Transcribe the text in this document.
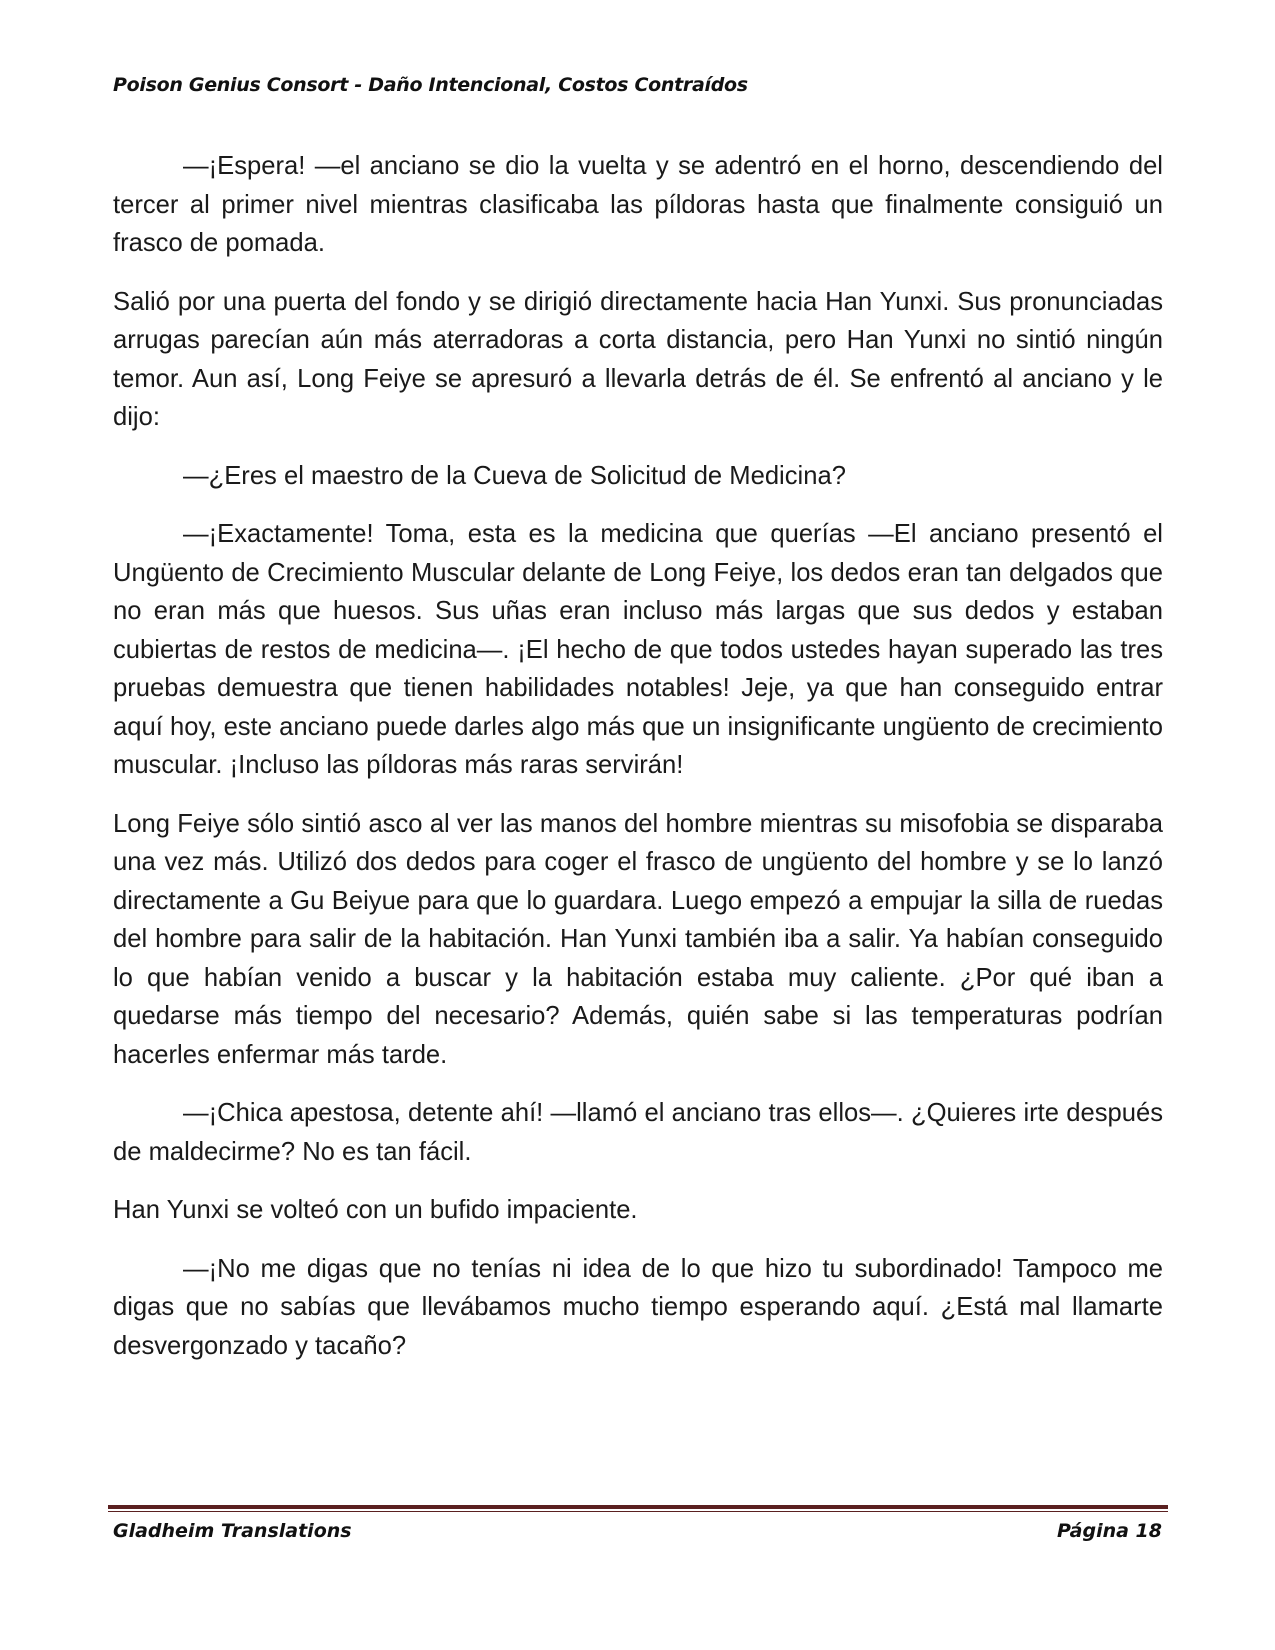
Poison Genius Consort - Daño Intencional, Costos Contraídos

—¡Espera! —el anciano se dio la vuelta y se adentró en el horno, descendiendo del tercer al primer nivel mientras clasificaba las píldoras hasta que finalmente consiguió un frasco de pomada.

Salió por una puerta del fondo y se dirigió directamente hacia Han Yunxi. Sus pronunciadas arrugas parecían aún más aterradoras a corta distancia, pero Han Yunxi no sintió ningún temor. Aun así, Long Feiye se apresuró a llevarla detrás de él. Se enfrentó al anciano y le dijo:

—¿Eres el maestro de la Cueva de Solicitud de Medicina?

—¡Exactamente! Toma, esta es la medicina que querías —El anciano presentó el Ungüento de Crecimiento Muscular delante de Long Feiye, los dedos eran tan delgados que no eran más que huesos. Sus uñas eran incluso más largas que sus dedos y estaban cubiertas de restos de medicina—. ¡El hecho de que todos ustedes hayan superado las tres pruebas demuestra que tienen habilidades notables! Jeje, ya que han conseguido entrar aquí hoy, este anciano puede darles algo más que un insignificante ungüento de crecimiento muscular. ¡Incluso las píldoras más raras servirán!

Long Feiye sólo sintió asco al ver las manos del hombre mientras su misofobia se disparaba una vez más. Utilizó dos dedos para coger el frasco de ungüento del hombre y se lo lanzó directamente a Gu Beiyue para que lo guardara. Luego empezó a empujar la silla de ruedas del hombre para salir de la habitación. Han Yunxi también iba a salir. Ya habían conseguido lo que habían venido a buscar y la habitación estaba muy caliente. ¿Por qué iban a quedarse más tiempo del necesario? Además, quién sabe si las temperaturas podrían hacerles enfermar más tarde.

—¡Chica apestosa, detente ahí! —llamó el anciano tras ellos—. ¿Quieres irte después de maldecirme? No es tan fácil.

Han Yunxi se volteó con un bufido impaciente.

—¡No me digas que no tenías ni idea de lo que hizo tu subordinado! Tampoco me digas que no sabías que llevábamos mucho tiempo esperando aquí. ¿Está mal llamarte desvergonzado y tacaño?

Gladheim Translations	Página 18
